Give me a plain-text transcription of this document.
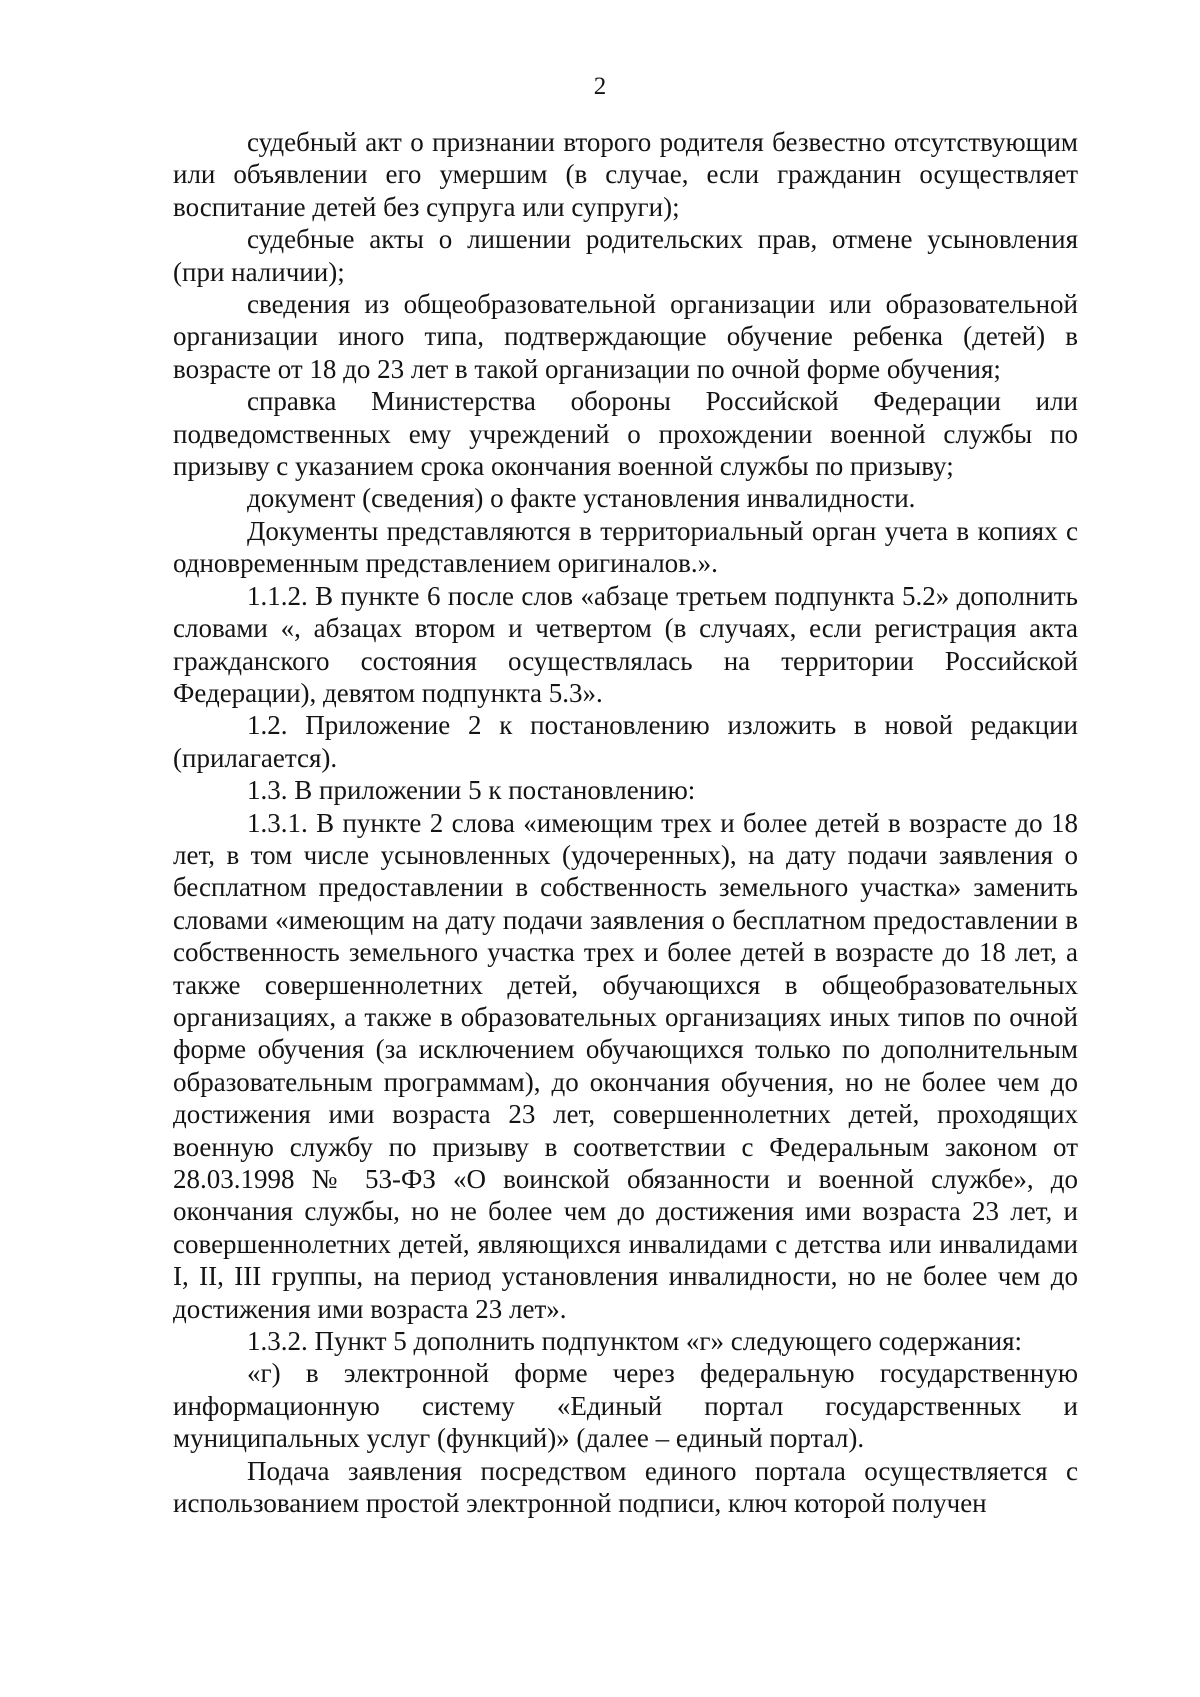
2

судебный акт о признании второго родителя безвестно отсутствующим или объявлении его умершим (в случае, если гражданин осуществляет воспитание детей без супруга или супруги);

судебные акты о лишении родительских прав, отмене усыновления (при наличии);

сведения из общеобразовательной организации или образовательной организации иного типа, подтверждающие обучение ребенка (детей) в возрасте от 18 до 23 лет в такой организации по очной форме обучения;

справка Министерства обороны Российской Федерации или подведомственных ему учреждений о прохождении военной службы по призыву с указанием срока окончания военной службы по призыву;

документ (сведения) о факте установления инвалидности.

Документы представляются в территориальный орган учета в копиях с одновременным представлением оригиналов.».

1.1.2. В пункте 6 после слов «абзаце третьем подпункта 5.2» дополнить словами «, абзацах втором и четвертом (в случаях, если регистрация акта гражданского состояния осуществлялась на территории Российской Федерации), девятом подпункта 5.3».

1.2. Приложение 2 к постановлению изложить в новой редакции (прилагается).

1.3. В приложении 5 к постановлению:

1.3.1. В пункте 2 слова «имеющим трех и более детей в возрасте до 18 лет, в том числе усыновленных (удочеренных), на дату подачи заявления о бесплатном предоставлении в собственность земельного участка» заменить словами «имеющим на дату подачи заявления о бесплатном предоставлении в собственность земельного участка трех и более детей в возрасте до 18 лет, а также совершеннолетних детей, обучающихся в общеобразовательных организациях, а также в образовательных организациях иных типов по очной форме обучения (за исключением обучающихся только по дополнительным образовательным программам), до окончания обучения, но не более чем до достижения ими возраста 23 лет, совершеннолетних детей, проходящих военную службу по призыву в соответствии с Федеральным законом от 28.03.1998 № 53-ФЗ «О воинской обязанности и военной службе», до окончания службы, но не более чем до достижения ими возраста 23 лет, и совершеннолетних детей, являющихся инвалидами с детства или инвалидами I, II, III группы, на период установления инвалидности, но не более чем до достижения ими возраста 23 лет».

1.3.2. Пункт 5 дополнить подпунктом «г» следующего содержания:

«г) в электронной форме через федеральную государственную информационную систему «Единый портал государственных и муниципальных услуг (функций)» (далее – единый портал).

Подача заявления посредством единого портала осуществляется с использованием простой электронной подписи, ключ которой получен
